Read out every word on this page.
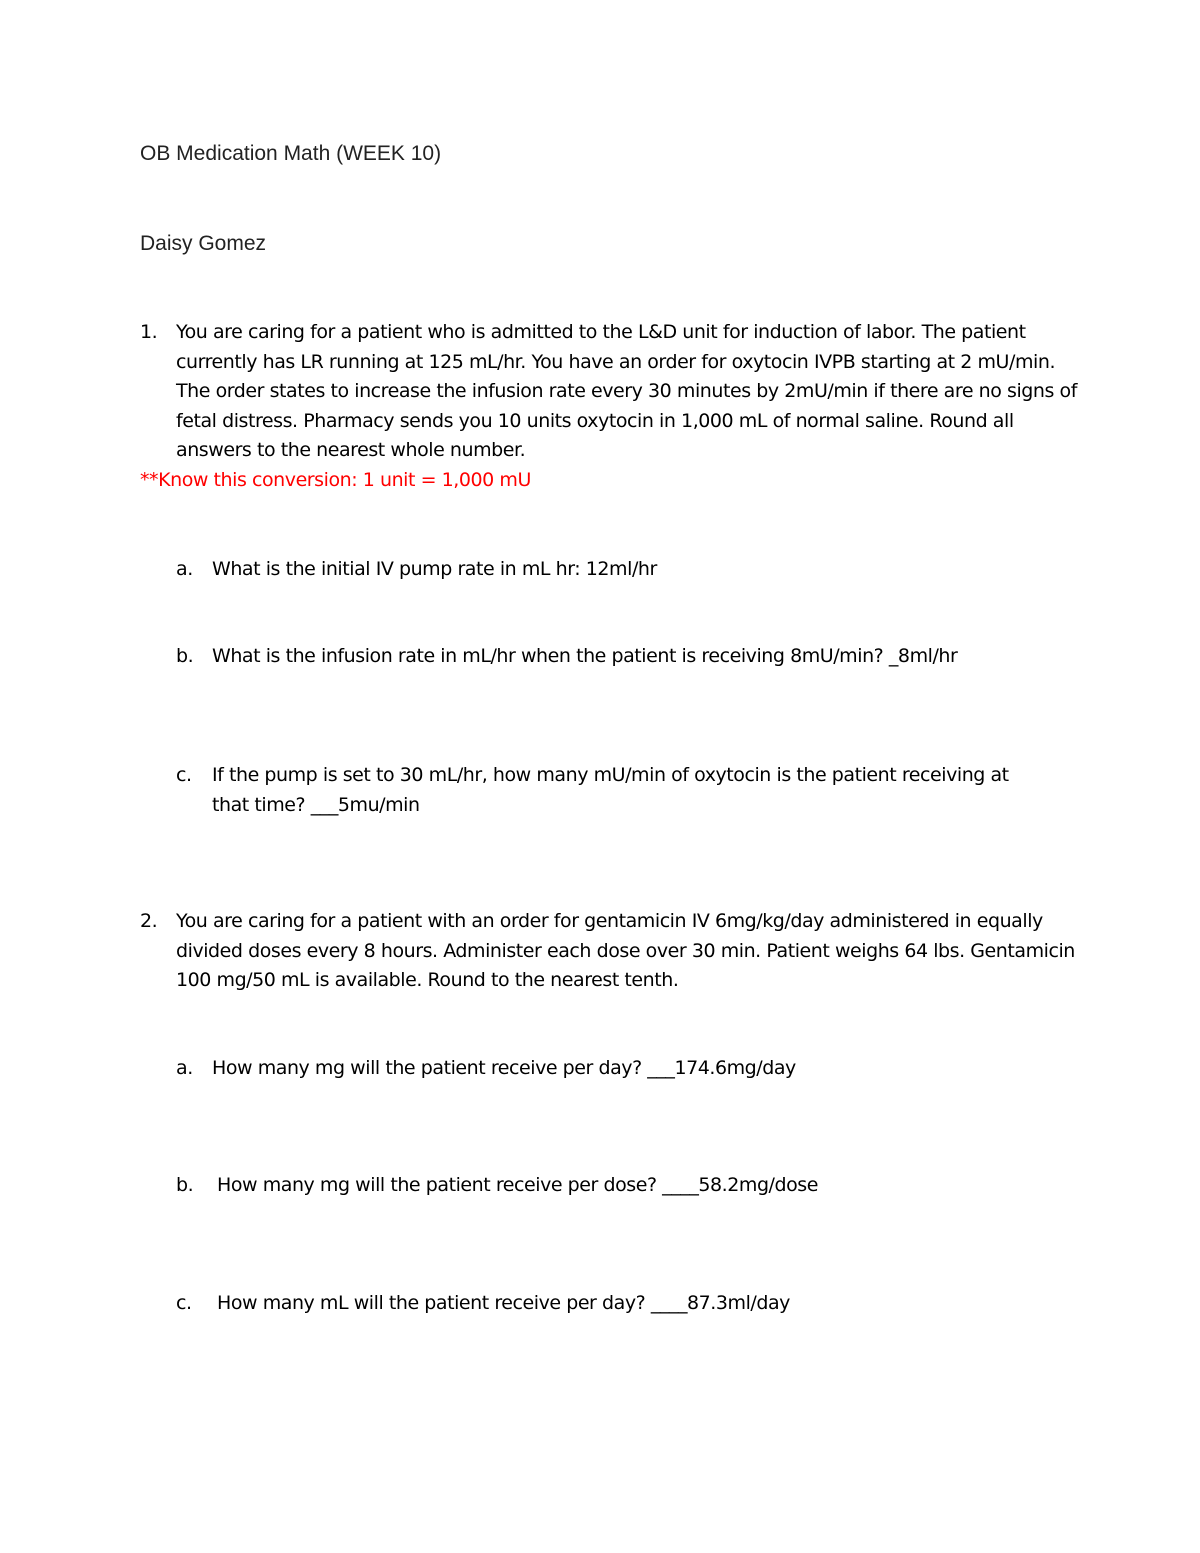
OB Medication Math (WEEK 10)
Daisy Gomez
1. You are caring for a patient who is admitted to the L&D unit for induction of labor. The patient currently has LR running at 125 mL/hr. You have an order for oxytocin IVPB starting at 2 mU/min. The order states to increase the infusion rate every 30 minutes by 2mU/min if there are no signs of fetal distress. Pharmacy sends you 10 units oxytocin in 1,000 mL of normal saline. Round all answers to the nearest whole number.
**Know this conversion: 1 unit = 1,000 mU
a. What is the initial IV pump rate in mL hr: 12ml/hr
b. What is the infusion rate in mL/hr when the patient is receiving 8mU/min? _8ml/hr
c. If the pump is set to 30 mL/hr, how many mU/min of oxytocin is the patient receiving at that time? ___5mu/min
2. You are caring for a patient with an order for gentamicin IV 6mg/kg/day administered in equally divided doses every 8 hours. Administer each dose over 30 min. Patient weighs 64 lbs. Gentamicin 100 mg/50 mL is available. Round to the nearest tenth.
a. How many mg will the patient receive per day? ___174.6mg/day
b. How many mg will the patient receive per dose? ____58.2mg/dose
c. How many mL will the patient receive per day? ____87.3ml/day
